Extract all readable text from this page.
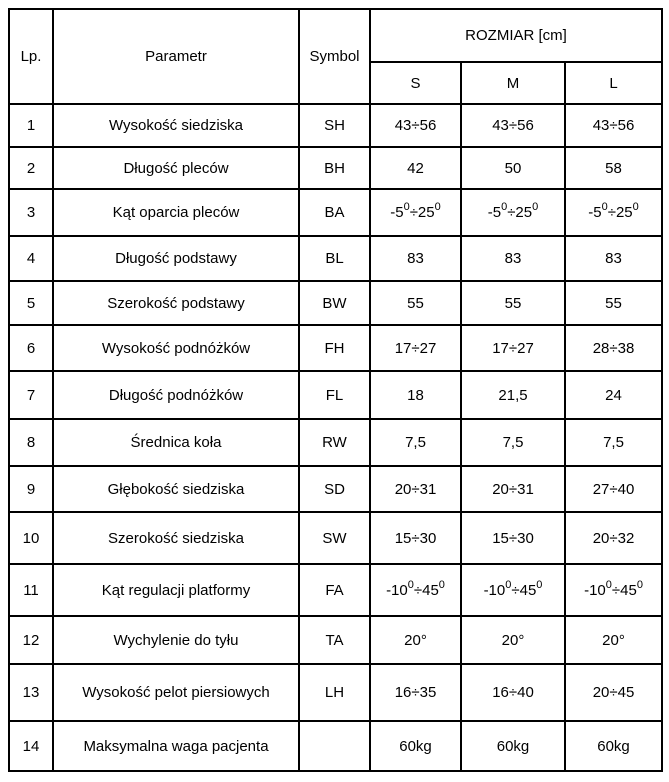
Lp.	Parametr	Symbol	ROZMIAR [cm]		
			S	M	L
1	Wysokość siedziska	SH	43÷56	43÷56	43÷56
2	Długość pleców	BH	42	50	58
3	Kąt oparcia pleców	BA	$-5^0\div 25^0$	$-5^0\div 25^0$	$-5^0\div 25^0$
4	Długość podstawy	BL	83	83	83
5	Szerokość podstawy	BW	55	55	55
6	Wysokość podnóżków	FH	17÷27	17÷27	28÷38
7	Długość podnóżków	FL	18	21,5	24
8	Średnica koła	RW	7,5	7,5	7,5
9	Głębokość siedziska	SD	20÷31	20÷31	27÷40
10	Szerokość siedziska	SW	15÷30	15÷30	20÷32
11	Kąt regulacji platformy	FA	$-10^0\div 45^0$	$-10^0\div 45^0$	$-10^0\div 45^0$
12	Wychylenie do tyłu	TA	20°	20°	20°
13	Wysokość pelot piersiowych	LH	16÷35	16÷40	20÷45
14	Maksymalna waga pacjenta		60kg	60kg	60kg
